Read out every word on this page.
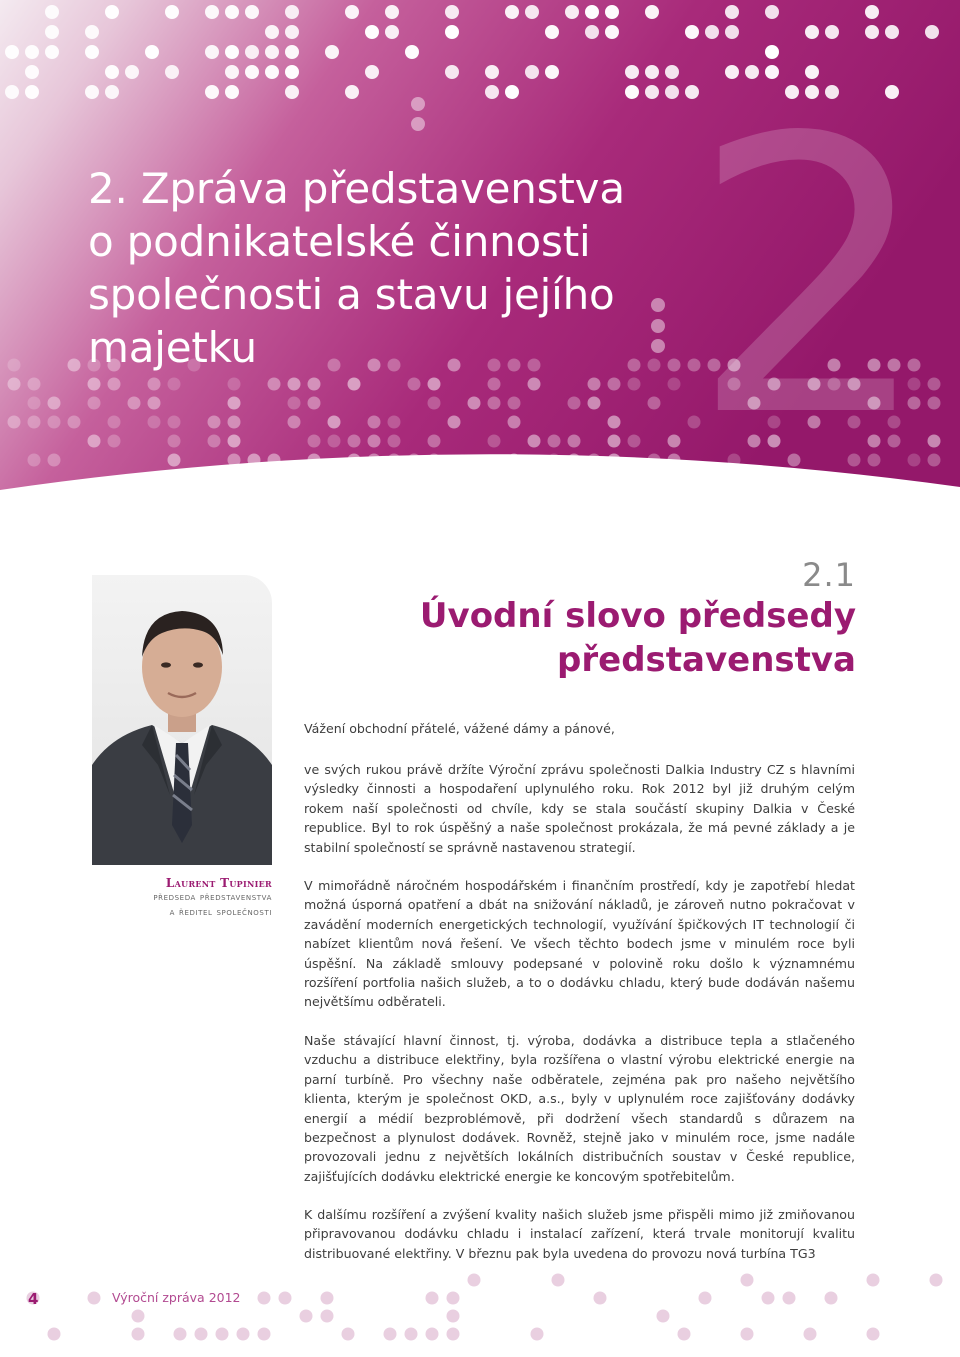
2
2. Zpráva představenstva
o podnikatelské činnosti
společnosti a stavu jejího
majetku
2.1
Úvodní slovo předsedy
představenstva
Laurent Tupinier
předseda představenstva
a ředitel společnosti
Vážení obchodní přátelé, vážené dámy a pánové,

ve svých rukou právě držíte Výroční zprávu společnosti Dalkia Industry CZ s hlavními výsledky činnosti a hospodaření uplynulého roku. Rok 2012 byl již druhým celým rokem naší společnosti od chvíle, kdy se stala součástí skupiny Dalkia v České republice. Byl to rok úspěšný a naše společnost prokázala, že má pevné základy a je stabilní společností se správně nastavenou strategií.

V mimořádně náročném hospodářském i finančním prostředí, kdy je zapotřebí hledat možná úsporná opatření a dbát na snižování nákladů, je zároveň nutno pokračovat v zavádění moderních energetických technologií, využívání špičkových IT technologií či nabízet klientům nová řešení. Ve všech těchto bodech jsme v minulém roce byli úspěšní. Na základě smlouvy podepsané v polovině roku došlo k významnému rozšíření portfolia našich služeb, a to o dodávku chladu, který bude dodáván našemu největšímu odběrateli.

Naše stávající hlavní činnost, tj. výroba, dodávka a distribuce tepla a stlačeného vzduchu a distribuce elektřiny, byla rozšířena o vlastní výrobu elektrické energie na parní turbíně. Pro všechny naše odběratele, zejména pak pro našeho největšího klienta, kterým je společnost OKD, a.s., byly v uplynulém roce zajišťovány dodávky energií a médií bezproblémově, při dodržení všech standardů s důrazem na bezpečnost a plynulost dodávek. Rovněž, stejně jako v minulém roce, jsme nadále provozovali jednu z největších lokálních distribučních soustav v České republice, zajišťujících dodávku elektrické energie ke koncovým spotřebitelům.

K dalšímu rozšíření a zvýšení kvality našich služeb jsme přispěli mimo již zmiňovanou připravovanou dodávku chladu i instalací zařízení, která trvale monitorují kvalitu distribuované elektřiny. V březnu pak byla uvedena do provozu nová turbína TG3

4	Výroční zpráva 2012
